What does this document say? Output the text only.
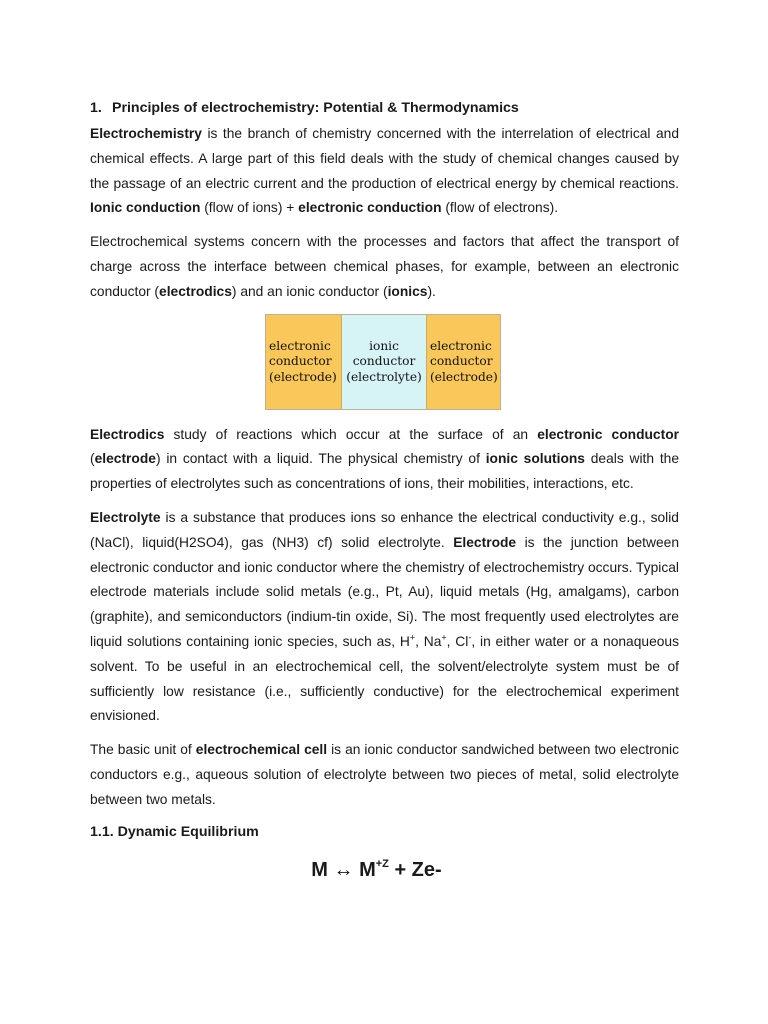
1. Principles of electrochemistry: Potential & Thermodynamics

Electrochemistry is the branch of chemistry concerned with the interrelation of electrical and chemical effects. A large part of this field deals with the study of chemical changes caused by the passage of an electric current and the production of electrical energy by chemical reactions. Ionic conduction (flow of ions) + electronic conduction (flow of electrons).

Electrochemical systems concern with the processes and factors that affect the transport of charge across the interface between chemical phases, for example, between an electronic conductor (electrodics) and an ionic conductor (ionics).

electronic
conductor
(electrode)
ionic
conductor
(electrolyte)
electronic
conductor
(electrode)

Electrodics study of reactions which occur at the surface of an electronic conductor (electrode) in contact with a liquid. The physical chemistry of ionic solutions deals with the properties of electrolytes such as concentrations of ions, their mobilities, interactions, etc.

Electrolyte is a substance that produces ions so enhance the electrical conductivity e.g., solid (NaCl), liquid(H2SO4), gas (NH3) cf) solid electrolyte. Electrode is the junction between electronic conductor and ionic conductor where the chemistry of electrochemistry occurs. Typical electrode materials include solid metals (e.g., Pt, Au), liquid metals (Hg, amalgams), carbon (graphite), and semiconductors (indium-tin oxide, Si). The most frequently used electrolytes are liquid solutions containing ionic species, such as, H+, Na+, Cl-, in either water or a nonaqueous solvent. To be useful in an electrochemical cell, the solvent/electrolyte system must be of sufficiently low resistance (i.e., sufficiently conductive) for the electrochemical experiment envisioned.

The basic unit of electrochemical cell is an ionic conductor sandwiched between two electronic conductors e.g., aqueous solution of electrolyte between two pieces of metal, solid electrolyte between two metals.

1.1. Dynamic Equilibrium
M ↔ $M^{+Z} + Ze-$
